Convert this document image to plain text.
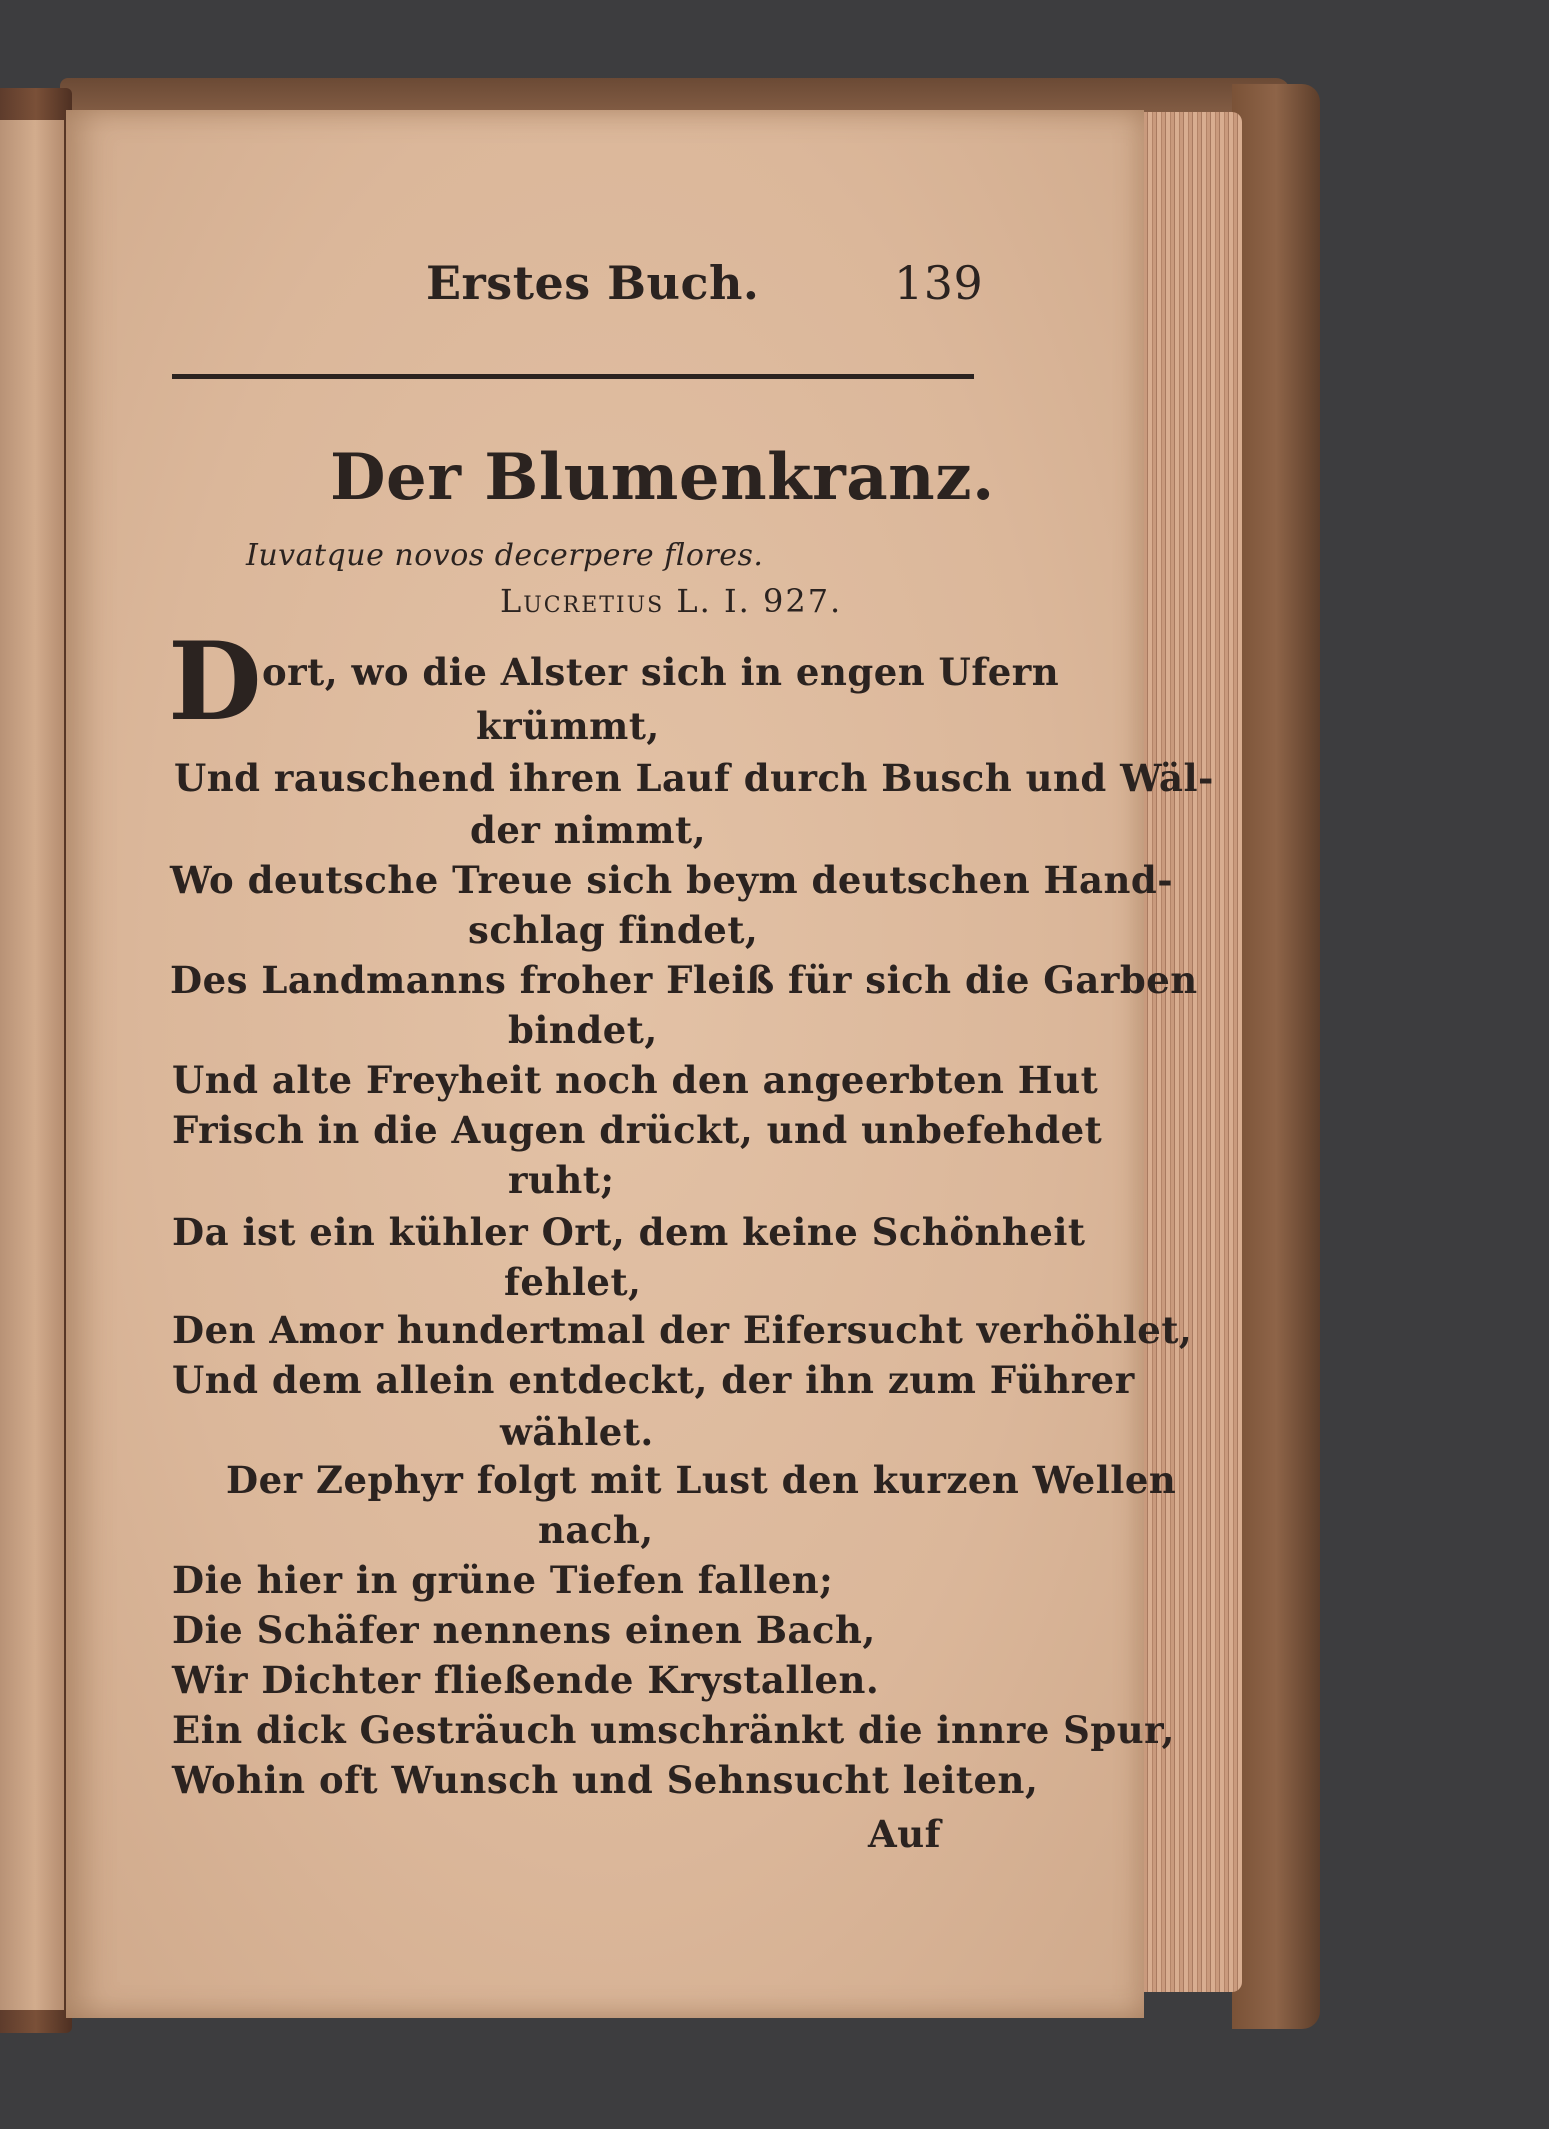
Erstes Buch.	139
Der Blumenkranz.
Iuvatque novos decerpere flores.
Lucretius L. I. 927.
D ort, wo die Alster sich in engen Ufern
krümmt,
Und rauschend ihren Lauf durch Busch und Wäl-
der nimmt,
Wo deutsche Treue sich beym deutschen Hand-
schlag findet,
Des Landmanns froher Fleiß für sich die Garben
bindet,
Und alte Freyheit noch den angeerbten Hut
Frisch in die Augen drückt, und unbefehdet
ruht;
Da ist ein kühler Ort, dem keine Schönheit
fehlet,
Den Amor hundertmal der Eifersucht verhöhlet,
Und dem allein entdeckt, der ihn zum Führer
wählet.
Der Zephyr folgt mit Lust den kurzen Wellen
nach,
Die hier in grüne Tiefen fallen;
Die Schäfer nennens einen Bach,
Wir Dichter fließende Krystallen.
Ein dick Gesträuch umschränkt die innre Spur,
Wohin oft Wunsch und Sehnsucht leiten,
Auf
